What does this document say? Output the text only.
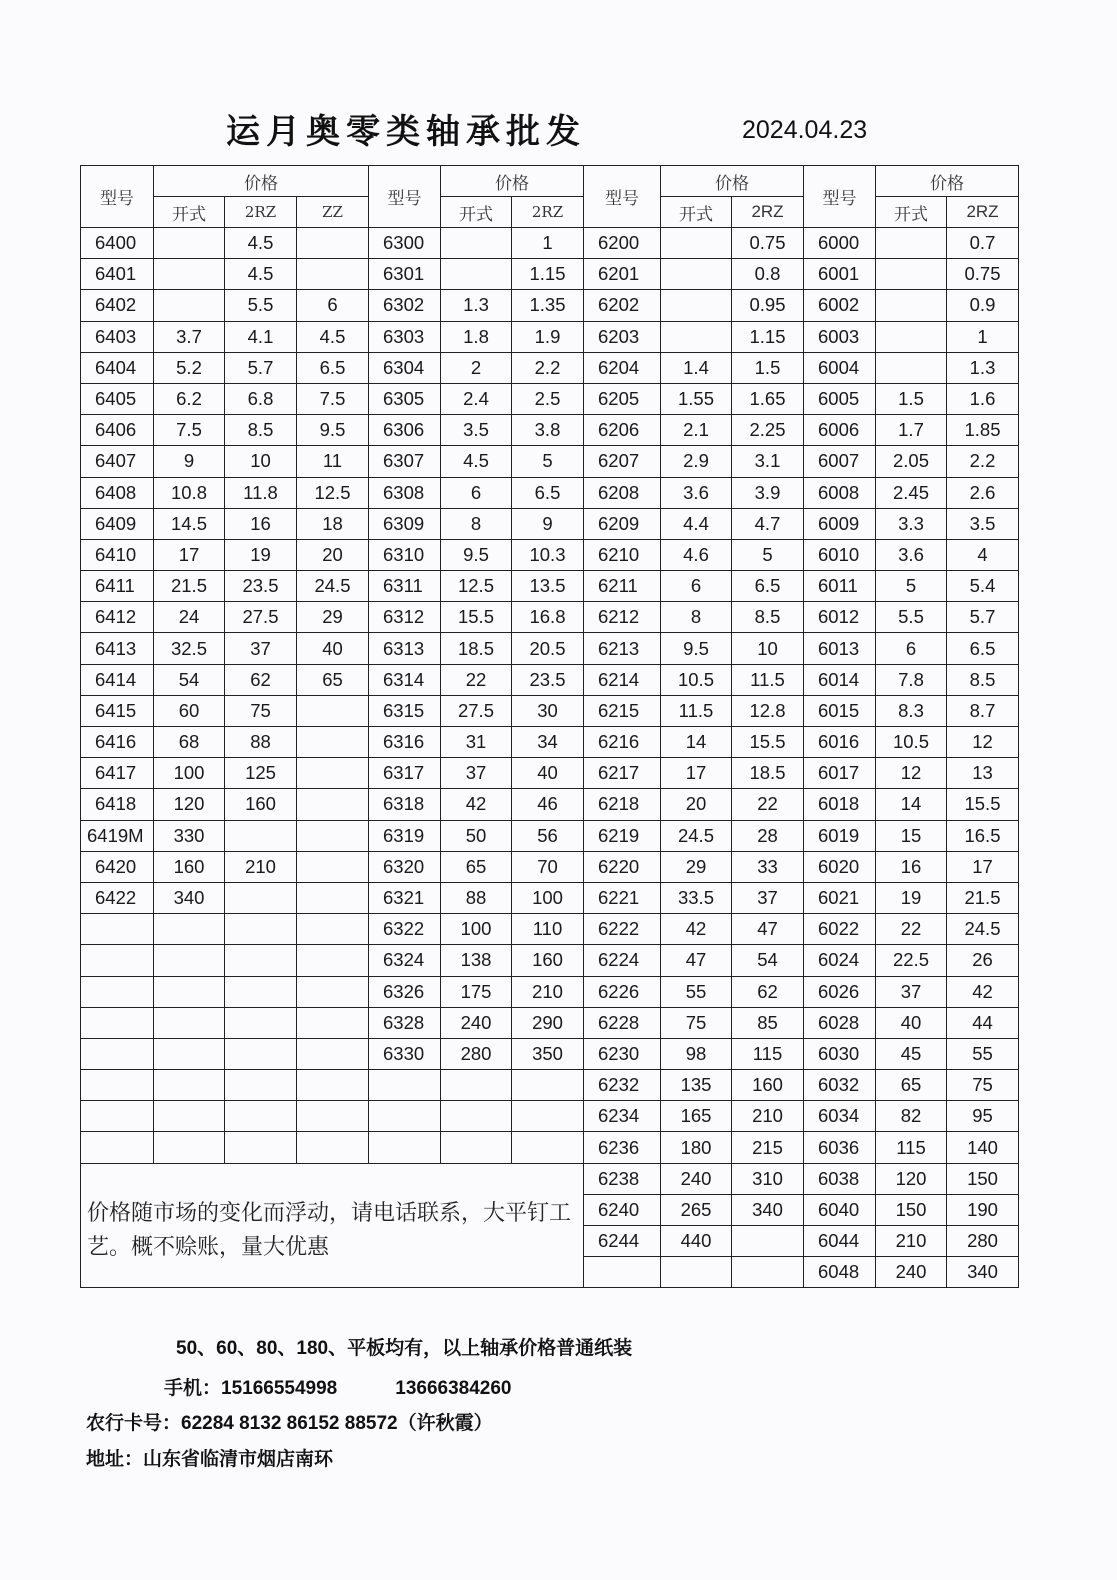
运月奥零类轴承批发	2024.04.23
型号	价格			型号	价格		型号	价格		型号	价格	
	开式	2RZ	ZZ		开式	2RZ		开式	2RZ		开式	2RZ
6400		4.5		6300		1	6200		0.75	6000		0.7
6401		4.5		6301		1.15	6201		0.8	6001		0.75
6402		5.5	6	6302	1.3	1.35	6202		0.95	6002		0.9
6403	3.7	4.1	4.5	6303	1.8	1.9	6203		1.15	6003		1
6404	5.2	5.7	6.5	6304	2	2.2	6204	1.4	1.5	6004		1.3
6405	6.2	6.8	7.5	6305	2.4	2.5	6205	1.55	1.65	6005	1.5	1.6
6406	7.5	8.5	9.5	6306	3.5	3.8	6206	2.1	2.25	6006	1.7	1.85
6407	9	10	11	6307	4.5	5	6207	2.9	3.1	6007	2.05	2.2
6408	10.8	11.8	12.5	6308	6	6.5	6208	3.6	3.9	6008	2.45	2.6
6409	14.5	16	18	6309	8	9	6209	4.4	4.7	6009	3.3	3.5
6410	17	19	20	6310	9.5	10.3	6210	4.6	5	6010	3.6	4
6411	21.5	23.5	24.5	6311	12.5	13.5	6211	6	6.5	6011	5	5.4
6412	24	27.5	29	6312	15.5	16.8	6212	8	8.5	6012	5.5	5.7
6413	32.5	37	40	6313	18.5	20.5	6213	9.5	10	6013	6	6.5
6414	54	62	65	6314	22	23.5	6214	10.5	11.5	6014	7.8	8.5
6415	60	75		6315	27.5	30	6215	11.5	12.8	6015	8.3	8.7
6416	68	88		6316	31	34	6216	14	15.5	6016	10.5	12
6417	100	125		6317	37	40	6217	17	18.5	6017	12	13
6418	120	160		6318	42	46	6218	20	22	6018	14	15.5
6419M	330			6319	50	56	6219	24.5	28	6019	15	16.5
6420	160	210		6320	65	70	6220	29	33	6020	16	17
6422	340			6321	88	100	6221	33.5	37	6021	19	21.5
				6322	100	110	6222	42	47	6022	22	24.5
				6324	138	160	6224	47	54	6024	22.5	26
				6326	175	210	6226	55	62	6026	37	42
				6328	240	290	6228	75	85	6028	40	44
				6330	280	350	6230	98	115	6030	45	55
							6232	135	160	6032	65	75
							6234	165	210	6034	82	95
							6236	180	215	6036	115	140
价格随市场的变化而浮动，请电话联系，大平钉工艺。概不赊账，量大优惠							6238	240	310	6038	120	150
							6240	265	340	6040	150	190
							6244	440		6044	210	280
										6048	240	340
50、60、80、180、平板均有，以上轴承价格普通纸装
手机：15166554998	13666384260
农行卡号：62284 8132 86152 88572（许秋霞）
地址：山东省临清市烟店南环
